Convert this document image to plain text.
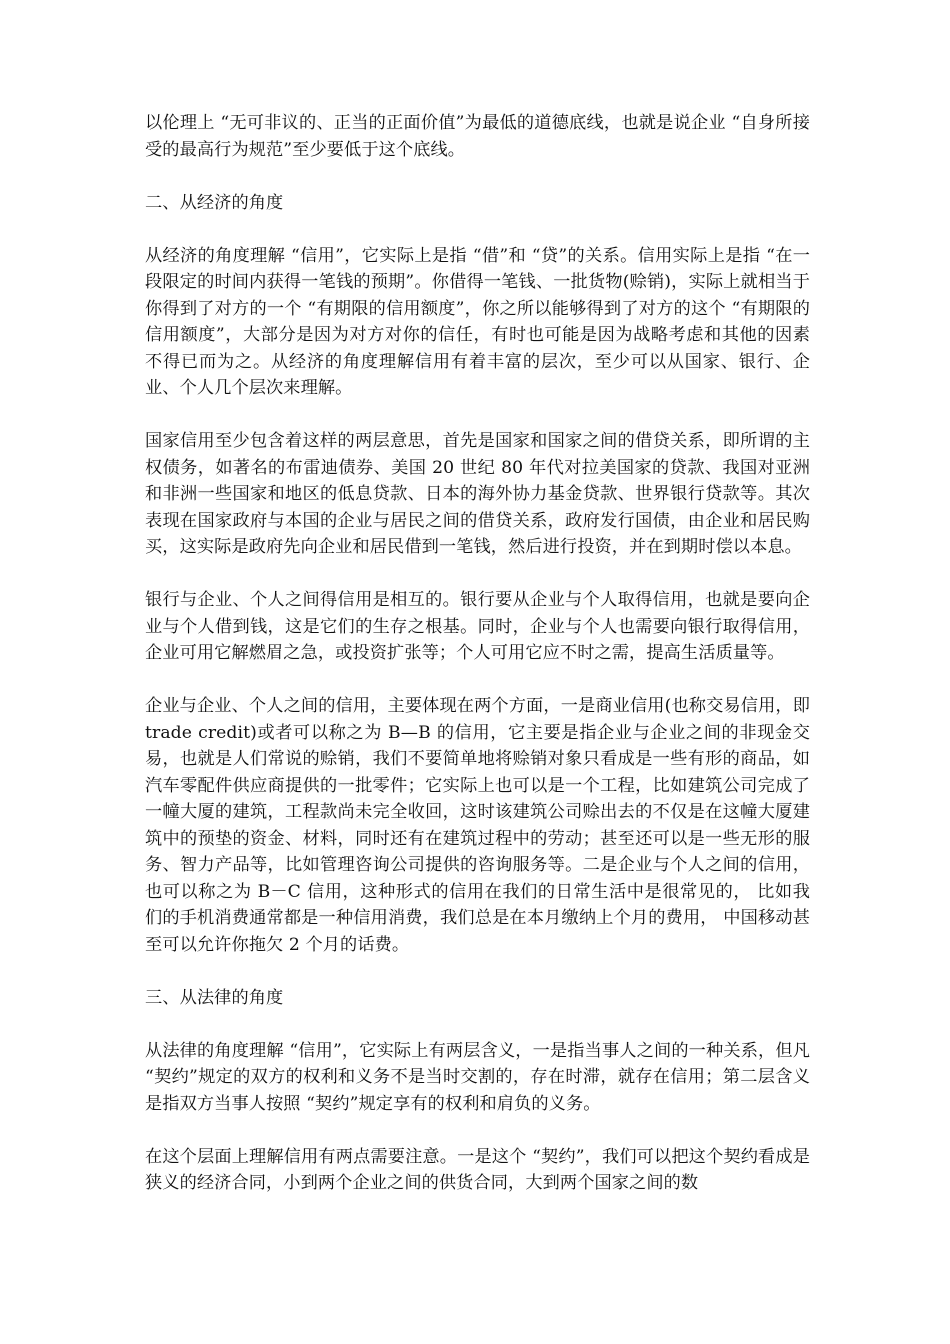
以伦理上 “无可非议的、正当的正面价值”为最低的道德底线，也就是说企业 “自身所接受的最高行为规范”至少要低于这个底线。

二、从经济的角度

从经济的角度理解 “信用”，它实际上是指 “借”和 “贷”的关系。信用实际上是指 “在一段限定的时间内获得一笔钱的预期”。你借得一笔钱、一批货物(赊销)，实际上就相当于你得到了对方的一个 “有期限的信用额度”，你之所以能够得到了对方的这个 “有期限的信用额度”，大部分是因为对方对你的信任，有时也可能是因为战略考虑和其他的因素不得已而为之。从经济的角度理解信用有着丰富的层次，至少可以从国家、银行、企业、个人几个层次来理解。

国家信用至少包含着这样的两层意思，首先是国家和国家之间的借贷关系，即所谓的主权债务，如著名的布雷迪债券、美国 20 世纪 80 年代对拉美国家的贷款、我国对亚洲和非洲一些国家和地区的低息贷款、日本的海外协力基金贷款、世界银行贷款等。其次表现在国家政府与本国的企业与居民之间的借贷关系，政府发行国债，由企业和居民购买，这实际是政府先向企业和居民借到一笔钱，然后进行投资，并在到期时偿以本息。

银行与企业、个人之间得信用是相互的。银行要从企业与个人取得信用，也就是要向企业与个人借到钱，这是它们的生存之根基。同时，企业与个人也需要向银行取得信用，企业可用它解燃眉之急，或投资扩张等；个人可用它应不时之需，提高生活质量等。

企业与企业、个人之间的信用，主要体现在两个方面，一是商业信用(也称交易信用，即 trade credit)或者可以称之为 B—B 的信用，它主要是指企业与企业之间的非现金交易，也就是人们常说的赊销，我们不要简单地将赊销对象只看成是一些有形的商品，如汽车零配件供应商提供的一批零件；它实际上也可以是一个工程，比如建筑公司完成了一幢大厦的建筑，工程款尚未完全收回，这时该建筑公司赊出去的不仅是在这幢大厦建筑中的预垫的资金、材料，同时还有在建筑过程中的劳动；甚至还可以是一些无形的服务、智力产品等，比如管理咨询公司提供的咨询服务等。二是企业与个人之间的信用，也可以称之为 B－C 信用，这种形式的信用在我们的日常生活中是很常见的， 比如我们的手机消费通常都是一种信用消费，我们总是在本月缴纳上个月的费用， 中国移动甚至可以允许你拖欠 2 个月的话费。

三、从法律的角度

从法律的角度理解 “信用”，它实际上有两层含义，一是指当事人之间的一种关系，但凡 “契约”规定的双方的权利和义务不是当时交割的，存在时滞，就存在信用；第二层含义是指双方当事人按照 “契约”规定享有的权利和肩负的义务。

在这个层面上理解信用有两点需要注意。一是这个 “契约”，我们可以把这个契约看成是狭义的经济合同，小到两个企业之间的供货合同，大到两个国家之间的数
